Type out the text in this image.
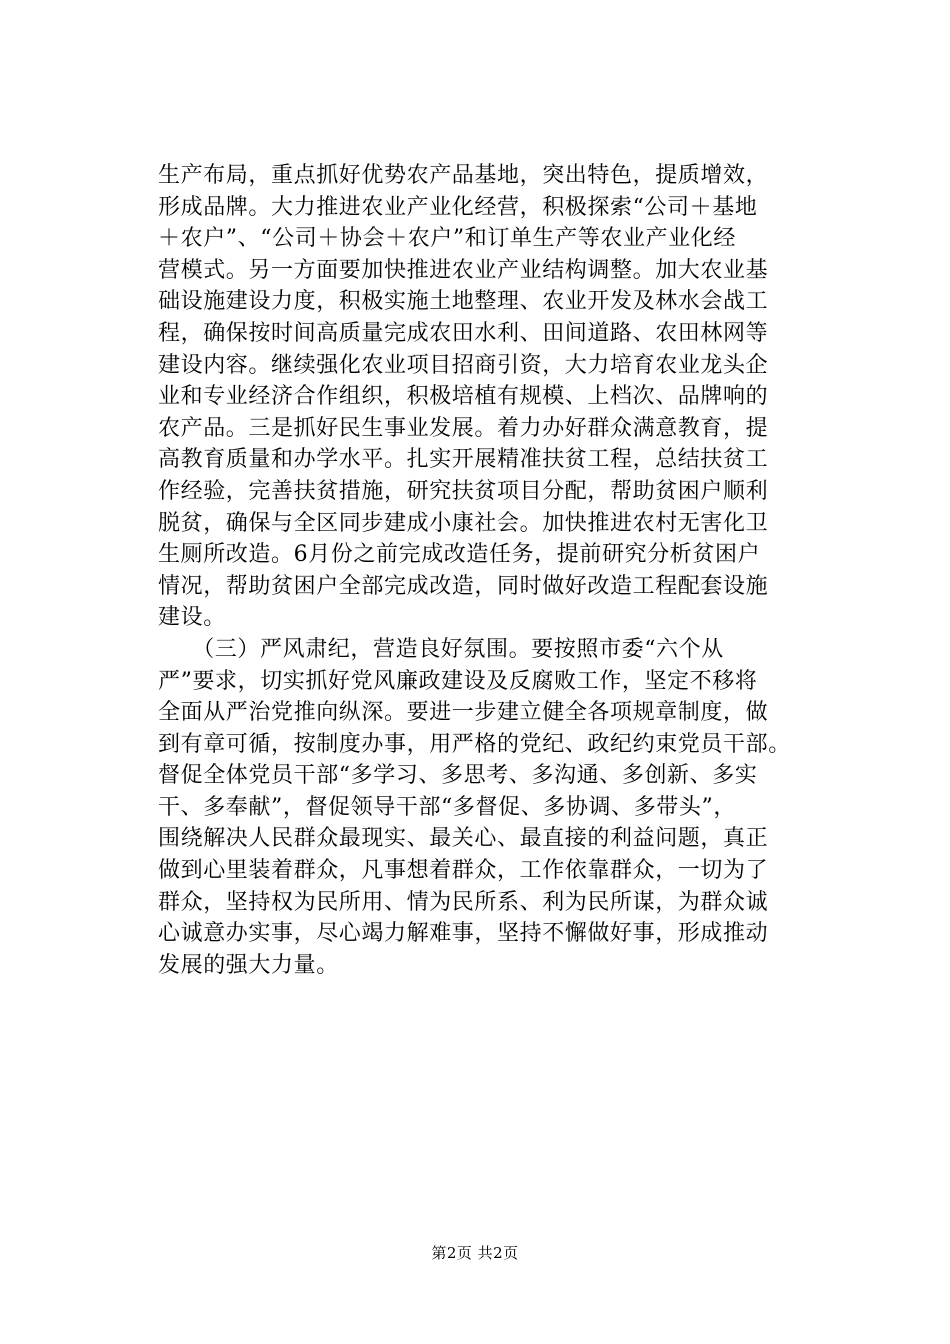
生产布局，重点抓好优势农产品基地，突出特色，提质增效，
形成品牌。大力推进农业产业化经营，积极探索“公司＋基地
＋农户”、“公司＋协会＋农户”和订单生产等农业产业化经
营模式。另一方面要加快推进农业产业结构调整。加大农业基
础设施建设力度，积极实施土地整理、农业开发及林水会战工
程，确保按时间高质量完成农田水利、田间道路、农田林网等
建设内容。继续强化农业项目招商引资，大力培育农业龙头企
业和专业经济合作组织，积极培植有规模、上档次、品牌响的
农产品。三是抓好民生事业发展。着力办好群众满意教育，提
高教育质量和办学水平。扎实开展精准扶贫工程，总结扶贫工
作经验，完善扶贫措施，研究扶贫项目分配，帮助贫困户顺利
脱贫，确保与全区同步建成小康社会。加快推进农村无害化卫
生厕所改造。6月份之前完成改造任务，提前研究分析贫困户
情况，帮助贫困户全部完成改造，同时做好改造工程配套设施
建设。
　　（三）严风肃纪，营造良好氛围。要按照市委“六个从
严”要求，切实抓好党风廉政建设及反腐败工作，坚定不移将
全面从严治党推向纵深。要进一步建立健全各项规章制度，做
到有章可循，按制度办事，用严格的党纪、政纪约束党员干部。
督促全体党员干部“多学习、多思考、多沟通、多创新、多实
干、多奉献”，督促领导干部“多督促、多协调、多带头”，
围绕解决人民群众最现实、最关心、最直接的利益问题，真正
做到心里装着群众，凡事想着群众，工作依靠群众，一切为了
群众，坚持权为民所用、情为民所系、利为民所谋，为群众诚
心诚意办实事，尽心竭力解难事，坚持不懈做好事，形成推动
发展的强大力量。
第2页 共2页
